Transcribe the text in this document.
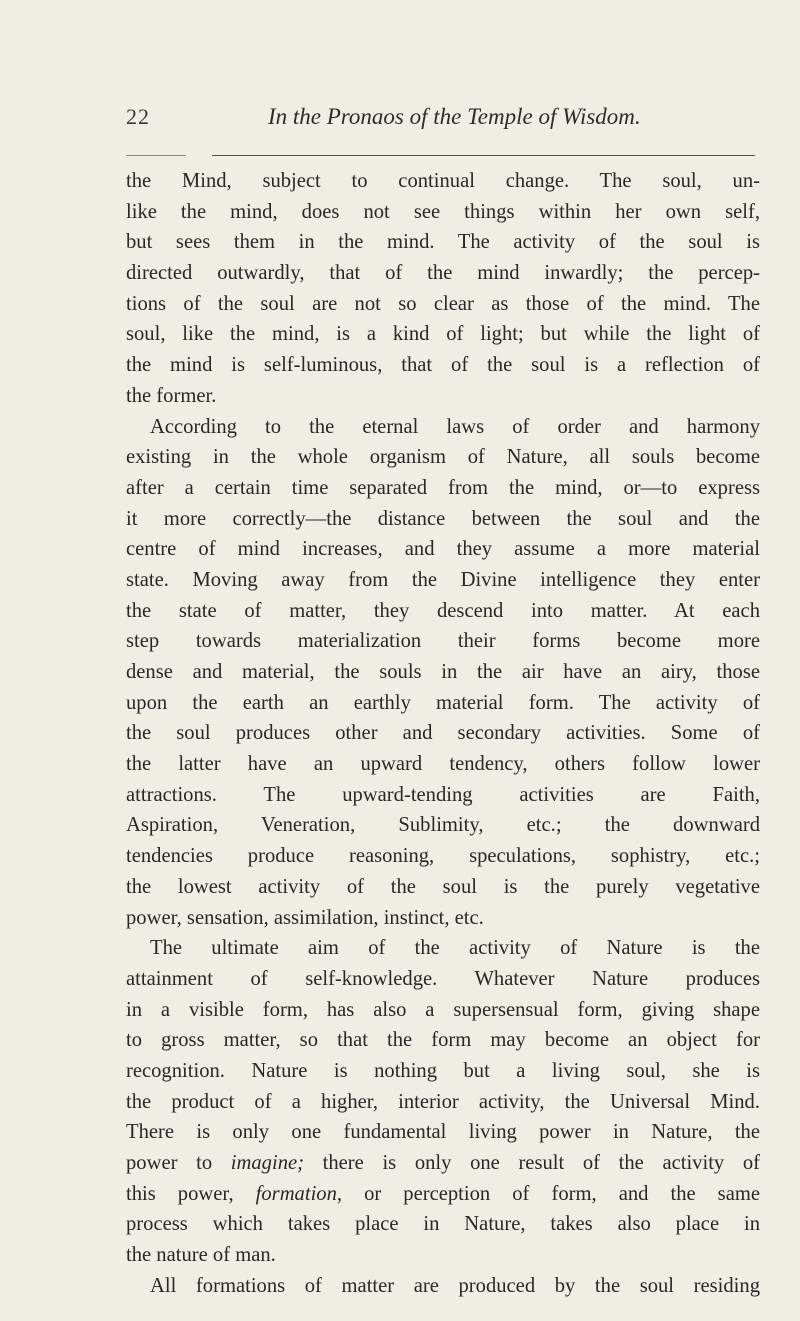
22	In the Pronaos of the Temple of Wisdom.
the Mind, subject to continual change. The soul, un-
like the mind, does not see things within her own self,
but sees them in the mind. The activity of the soul is
directed outwardly, that of the mind inwardly; the percep-
tions of the soul are not so clear as those of the mind. The
soul, like the mind, is a kind of light; but while the light of
the mind is self-luminous, that of the soul is a reflection of
the former.
According to the eternal laws of order and harmony
existing in the whole organism of Nature, all souls become
after a certain time separated from the mind, or—to express
it more correctly—the distance between the soul and the
centre of mind increases, and they assume a more material
state. Moving away from the Divine intelligence they enter
the state of matter, they descend into matter. At each
step towards materialization their forms become more
dense and material, the souls in the air have an airy, those
upon the earth an earthly material form. The activity of
the soul produces other and secondary activities. Some of
the latter have an upward tendency, others follow lower
attractions. The upward-tending activities are Faith,
Aspiration, Veneration, Sublimity, etc.; the downward
tendencies produce reasoning, speculations, sophistry, etc.;
the lowest activity of the soul is the purely vegetative
power, sensation, assimilation, instinct, etc.
The ultimate aim of the activity of Nature is the
attainment of self-knowledge. Whatever Nature produces
in a visible form, has also a supersensual form, giving shape
to gross matter, so that the form may become an object for
recognition. Nature is nothing but a living soul, she is
the product of a higher, interior activity, the Universal Mind.
There is only one fundamental living power in Nature, the
power to imagine; there is only one result of the activity of
this power, formation, or perception of form, and the same
process which takes place in Nature, takes also place in
the nature of man.
All formations of matter are produced by the soul residing
